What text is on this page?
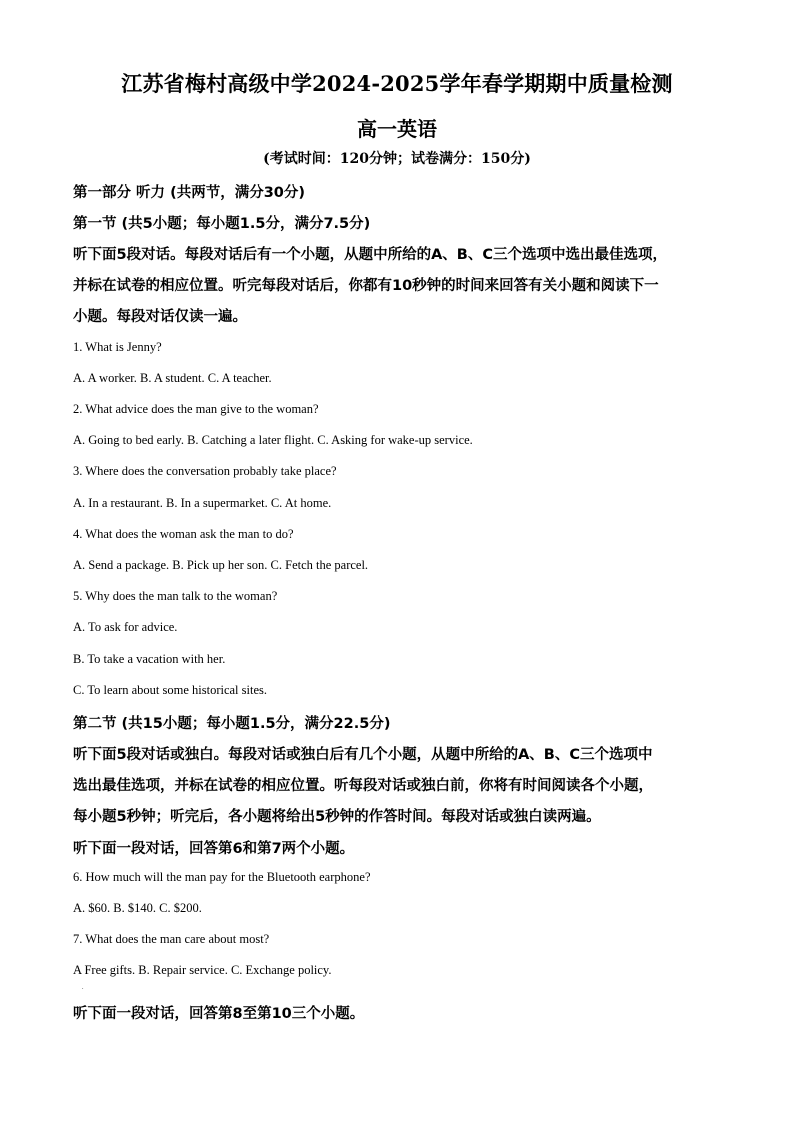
江苏省梅村高级中学2024-2025学年春学期期中质量检测
高一英语
(考试时间：120分钟；试卷满分：150分)
第一部分 听力 (共两节，满分30分)
第一节 (共5小题；每小题1.5分，满分7.5分)
听下面5段对话。每段对话后有一个小题，从题中所给的A、B、C三个选项中选出最佳选项，
并标在试卷的相应位置。听完每段对话后，你都有10秒钟的时间来回答有关小题和阅读下一
小题。每段对话仅读一遍。
1. What is Jenny?
A. A worker. B. A student. C. A teacher.
2. What advice does the man give to the woman?
A. Going to bed early. B. Catching a later flight. C. Asking for wake-up service.
3. Where does the conversation probably take place?
A. In a restaurant. B. In a supermarket. C. At home.
4. What does the woman ask the man to do?
A. Send a package. B. Pick up her son. C. Fetch the parcel.
5. Why does the man talk to the woman?
A. To ask for advice.
B. To take a vacation with her.
C. To learn about some historical sites.
第二节 (共15小题；每小题1.5分，满分22.5分)
听下面5段对话或独白。每段对话或独白后有几个小题，从题中所给的A、B、C三个选项中
选出最佳选项，并标在试卷的相应位置。听每段对话或独白前，你将有时间阅读各个小题，
每小题5秒钟；听完后，各小题将给出5秒钟的作答时间。每段对话或独白读两遍。
听下面一段对话，回答第6和第7两个小题。
6. How much will the man pay for the Bluetooth earphone?
A. $60. B. $140. C. $200.
7. What does the man care about most?
A Free gifts. B. Repair service. C. Exchange policy.
.
听下面一段对话，回答第8至第10三个小题。
